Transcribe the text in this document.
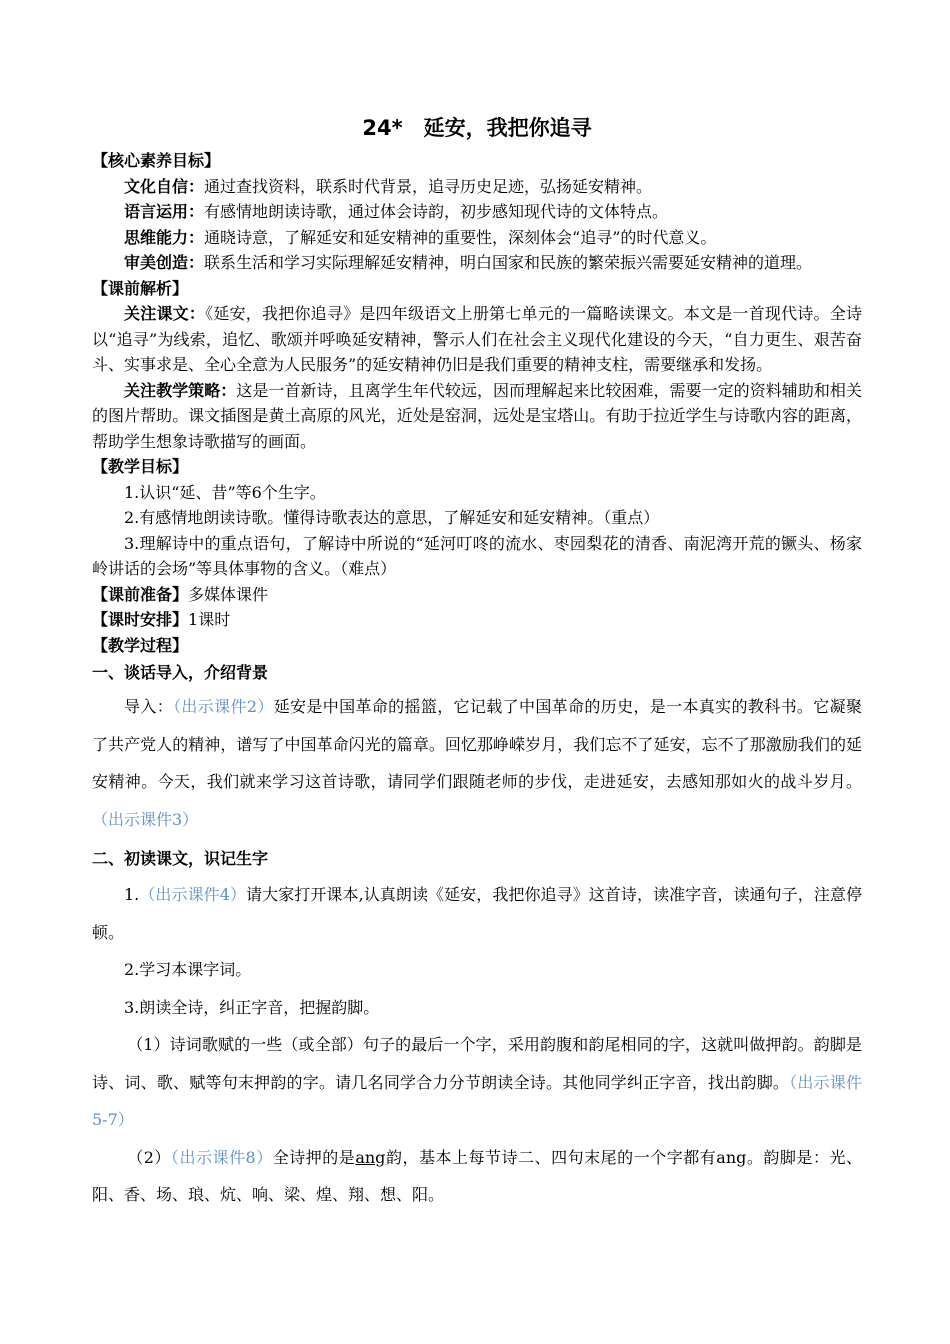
24*　延安，我把你追寻

【核心素养目标】

文化自信：通过查找资料，联系时代背景，追寻历史足迹，弘扬延安精神。

语言运用：有感情地朗读诗歌，通过体会诗韵，初步感知现代诗的文体特点。

思维能力：通晓诗意，了解延安和延安精神的重要性，深刻体会“追寻”的时代意义。

审美创造：联系生活和学习实际理解延安精神，明白国家和民族的繁荣振兴需要延安精神的道理。

【课前解析】

关注课文：《延安，我把你追寻》是四年级语文上册第七单元的一篇略读课文。本文是一首现代诗。全诗以“追寻”为线索，追忆、歌颂并呼唤延安精神，警示人们在社会主义现代化建设的今天，“自力更生、艰苦奋斗、实事求是、全心全意为人民服务”的延安精神仍旧是我们重要的精神支柱，需要继承和发扬。

关注教学策略：这是一首新诗，且离学生年代较远，因而理解起来比较困难，需要一定的资料辅助和相关的图片帮助。课文插图是黄土高原的风光，近处是窑洞，远处是宝塔山。有助于拉近学生与诗歌内容的距离，帮助学生想象诗歌描写的画面。

【教学目标】

1.认识“延、昔”等6个生字。

2.有感情地朗读诗歌。懂得诗歌表达的意思，了解延安和延安精神。（重点）

3.理解诗中的重点语句，了解诗中所说的“延河叮咚的流水、枣园梨花的清香、南泥湾开荒的镢头、杨家岭讲话的会场”等具体事物的含义。（难点）

【课前准备】多媒体课件

【课时安排】1课时

【教学过程】

一、谈话导入，介绍背景

导入：（出示课件2）延安是中国革命的摇篮，它记载了中国革命的历史，是一本真实的教科书。它凝聚了共产党人的精神，谱写了中国革命闪光的篇章。回忆那峥嵘岁月，我们忘不了延安，忘不了那激励我们的延安精神。今天，我们就来学习这首诗歌，请同学们跟随老师的步伐，走进延安，去感知那如火的战斗岁月。（出示课件3）

二、初读课文，识记生字

1.（出示课件4）请大家打开课本,认真朗读《延安，我把你追寻》这首诗，读准字音，读通句子，注意停顿。

2.学习本课字词。

3.朗读全诗，纠正字音，把握韵脚。

（1）诗词歌赋的一些（或全部）句子的最后一个字，采用韵腹和韵尾相同的字，这就叫做押韵。韵脚是诗、词、歌、赋等句末押韵的字。请几名同学合力分节朗读全诗。其他同学纠正字音，找出韵脚。（出示课件5-7）

（2）（出示课件8）全诗押的是ang韵，基本上每节诗二、四句末尾的一个字都有ang。韵脚是：光、阳、香、场、琅、炕、响、梁、煌、翔、想、阳。
